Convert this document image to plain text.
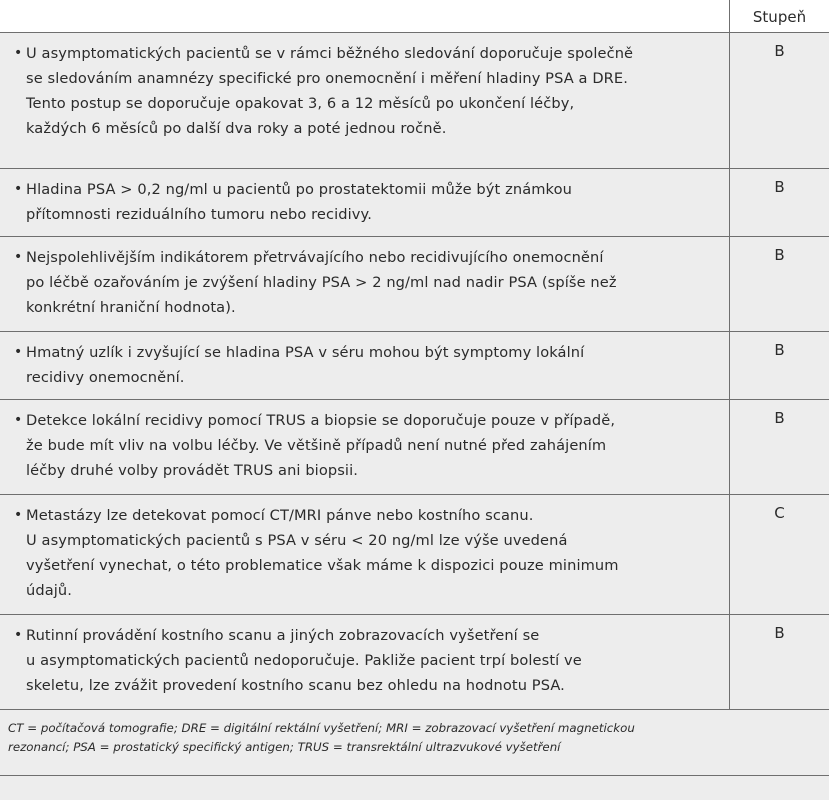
Stupeň
• U asymptomatických pacientů se v rámci běžného sledování doporučuje společně
se sledováním anamnézy specifické pro onemocnění i měření hladiny PSA a DRE.
Tento postup se doporučuje opakovat 3, 6 a 12 měsíců po ukončení léčby,
každých 6 měsíců po další dva roky a poté jednou ročně.
B
• Hladina PSA > 0,2 ng/ml u pacientů po prostatektomii může být známkou
přítomnosti reziduálního tumoru nebo recidivy.
B
• Nejspolehlivějším indikátorem přetrvávajícího nebo recidivujícího onemocnění
po léčbě ozařováním je zvýšení hladiny PSA > 2 ng/ml nad nadir PSA (spíše než
konkrétní hraniční hodnota).
B
• Hmatný uzlík i zvyšující se hladina PSA v séru mohou být symptomy lokální
recidivy onemocnění.
B
• Detekce lokální recidivy pomocí TRUS a biopsie se doporučuje pouze v případě,
že bude mít vliv na volbu léčby. Ve většině případů není nutné před zahájením
léčby druhé volby provádět TRUS ani biopsii.
B
• Metastázy lze detekovat pomocí CT/MRI pánve nebo kostního scanu.
U asymptomatických pacientů s PSA v séru < 20 ng/ml lze výše uvedená
vyšetření vynechat, o této problematice však máme k dispozici pouze minimum
údajů.
C
• Rutinní provádění kostního scanu a jiných zobrazovacích vyšetření se
u asymptomatických pacientů nedoporučuje. Pakliže pacient trpí bolestí ve
skeletu, lze zvážit provedení kostního scanu bez ohledu na hodnotu PSA.
B
CT = počítačová tomografie; DRE = digitální rektální vyšetření; MRI = zobrazovací vyšetření magnetickou
rezonancí; PSA = prostatický specifický antigen; TRUS = transrektální ultrazvukové vyšetření
